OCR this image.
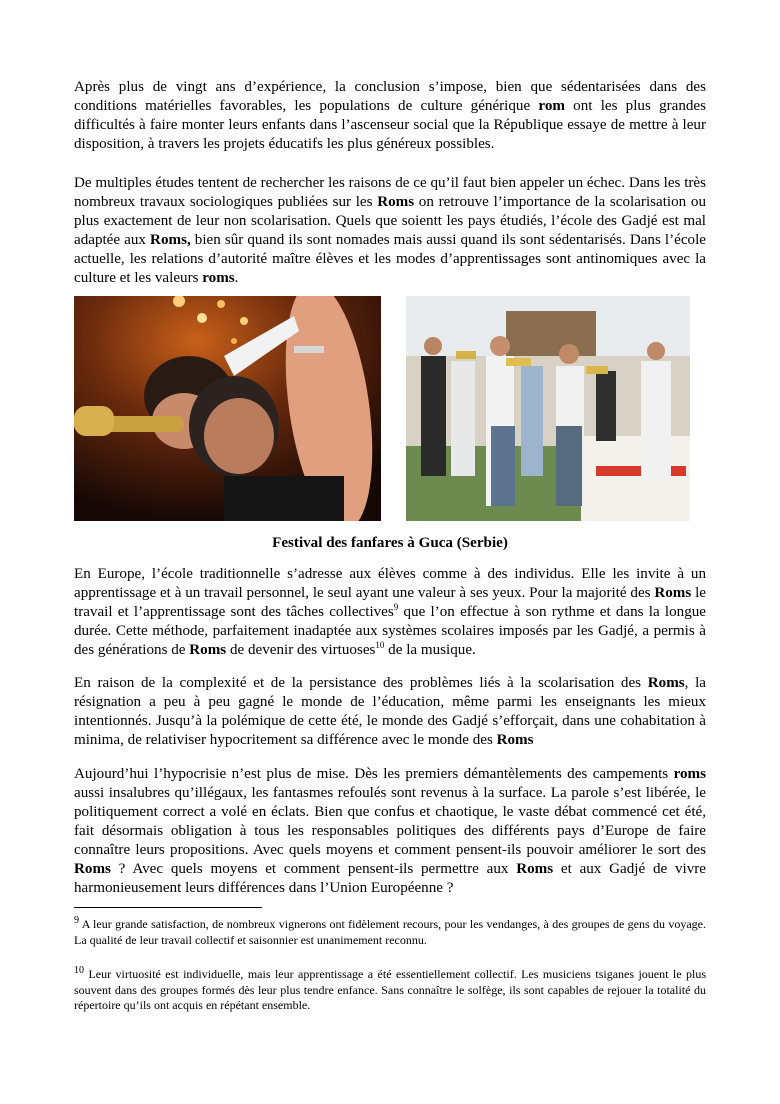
Après plus de vingt ans d’expérience, la conclusion s’impose, bien que sédentarisées dans des conditions matérielles favorables, les populations de culture générique rom ont les plus grandes difficultés à faire monter leurs enfants dans l’ascenseur social que la République essaye de mettre à leur disposition, à travers les projets éducatifs les plus généreux possibles.

De multiples études tentent de rechercher les raisons de ce qu’il faut bien appeler un échec. Dans les très nombreux travaux sociologiques publiées sur les Roms on retrouve l’importance de la scolarisation ou plus exactement de leur non scolarisation. Quels que soientt les pays étudiés, l’école des Gadjé est mal adaptée aux Roms, bien sûr quand ils sont nomades mais aussi quand ils sont sédentarisés. Dans l’école actuelle, les relations d’autorité maître élèves et les modes d’apprentissages sont antinomiques avec la culture et les valeurs roms.

Festival des fanfares à Guca (Serbie)

En Europe, l’école traditionnelle s’adresse aux élèves comme à des individus. Elle les invite à un apprentissage et à un travail personnel, le seul ayant une valeur à ses yeux. Pour la majorité des Roms le travail et l’apprentissage sont des tâches collectives$^9$ que l’on effectue à son rythme et dans la longue durée. Cette méthode, parfaitement inadaptée aux systèmes scolaires imposés par les Gadjé, a permis à des générations de Roms de devenir des virtuoses$^{10}$ de la musique.

En raison de la complexité et de la persistance des problèmes liés à la scolarisation des Roms, la résignation a peu à peu gagné le monde de l’éducation, même parmi les enseignants les mieux intentionnés. Jusqu’à la polémique de cette été, le monde des Gadjé s’efforçait, dans une cohabitation à minima, de relativiser hypocritement sa différence avec le monde des Roms

Aujourd’hui l’hypocrisie n’est plus de mise. Dès les premiers démantèlements des campements roms aussi insalubres qu’illégaux, les fantasmes refoulés sont revenus à la surface. La parole s’est libérée, le politiquement correct a volé en éclats. Bien que confus et chaotique, le vaste débat commencé cet été, fait désormais obligation à tous les responsables politiques des différents pays d’Europe de faire connaître leurs propositions. Avec quels moyens et comment pensent-ils pouvoir améliorer le sort des Roms ? Avec quels moyens et comment pensent-ils permettre aux Roms et aux Gadjé de vivre harmonieusement leurs différences dans l’Union Européenne ?

$^9$ A leur grande satisfaction, de nombreux vignerons ont fidèlement recours, pour les vendanges, à des groupes de gens du voyage. La qualité de leur travail collectif et saisonnier est unanimement reconnu.

$^{10}$ Leur virtuosité est individuelle, mais leur apprentissage a été essentiellement collectif. Les musiciens tsiganes jouent le plus souvent dans des groupes formés dès leur plus tendre enfance. Sans connaître le solfège, ils sont capables de rejouer la totalité du répertoire qu’ils ont acquis en répétant ensemble.
